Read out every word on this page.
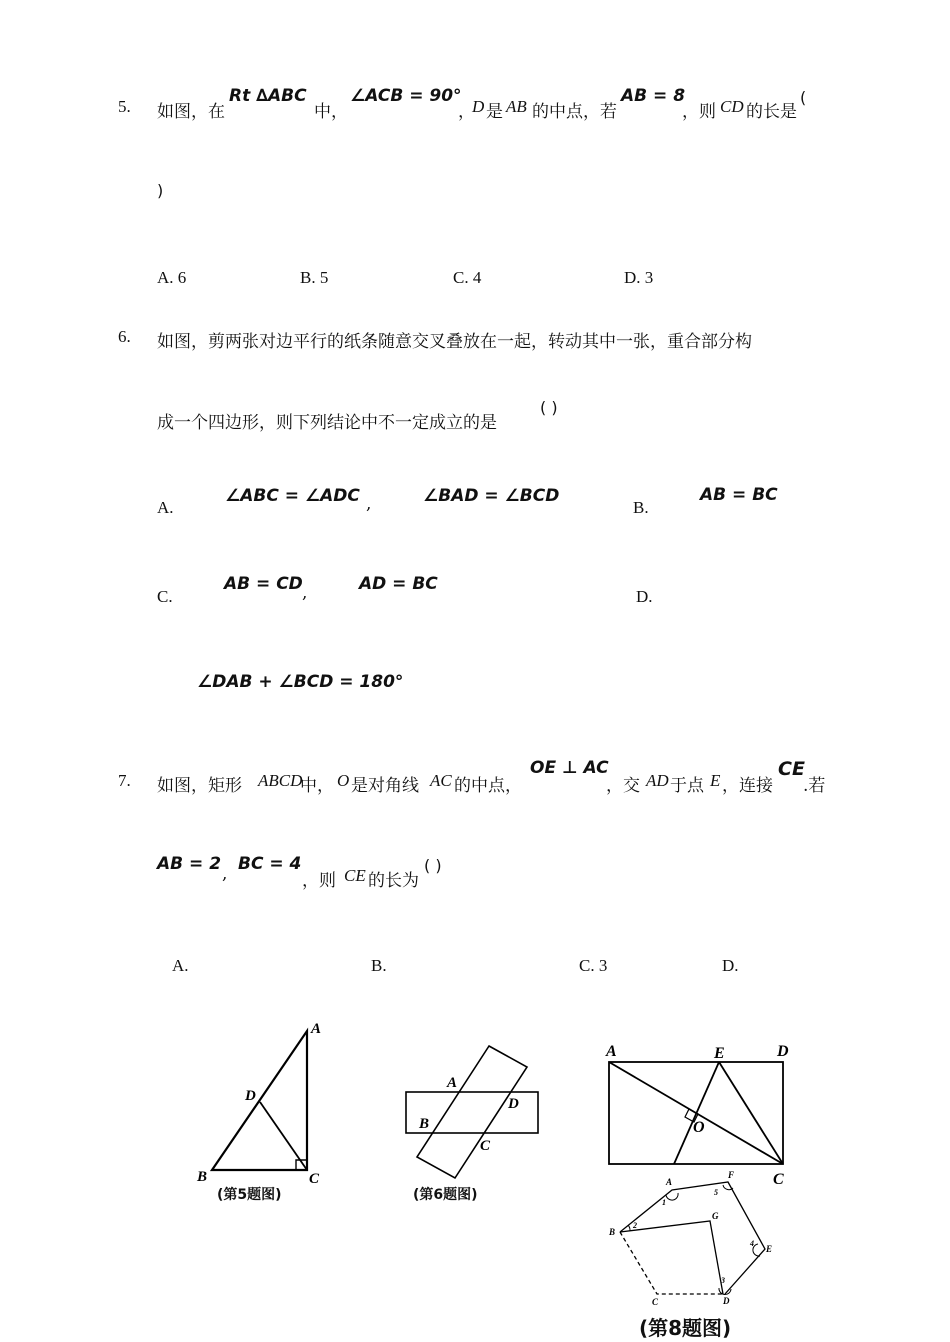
5. 如图，在
Rt ∆ABC
中，
∠ACB = 90°
，
D 是 AB 的中点，若
AB = 8
，则 CD 的长是
(
)
A. 6	B. 5	C. 4	D. 3
6. 如图，剪两张对边平行的纸条随意交叉叠放在一起，转动其中一张，重合部分构
成一个四边形，则下列结论中不一定成立的是
( )
A.
∠ABC = ∠ADC ,	∠BAD = ∠BCD
B.
AB = BC
C.
AB = CD ,	AD = BC
D.
∠DAB + ∠BCD = 180°
7. 如图，矩形 ABCD
中， O 是对角线 AC 的中点，
OE ⊥ AC
，交 AD 于点 E ，连接
CE
.若
AB = 2 , BC = 4
，则 CE 的长为
( )
A.	B.	C. 3	D.
A
D
B	C
(第5题图)
A
D
B
C
(第6题图)
A	E	D
O
C
A
F
B
G
E
C	D
1
2
3
4
5
(第8题图)
